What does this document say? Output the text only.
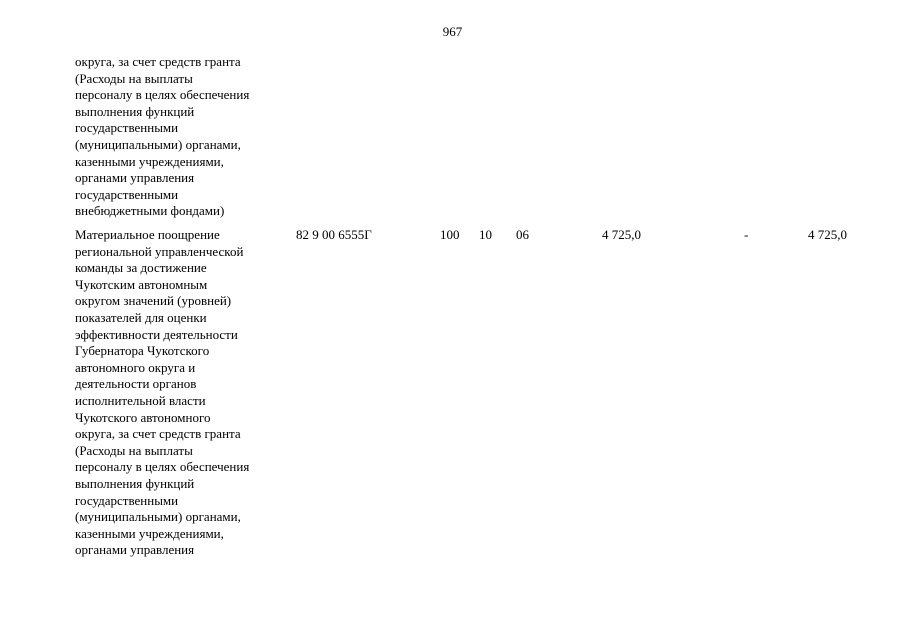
967
округа, за счет средств гранта
(Расходы на выплаты
персоналу в целях обеспечения
выполнения функций
государственными
(муниципальными) органами,
казенными учреждениями,
органами управления
государственными
внебюджетными фондами)
Материальное поощрение
региональной управленческой
команды за достижение
Чукотским автономным
округом значений (уровней)
показателей для оценки
эффективности деятельности
Губернатора Чукотского
автономного округа и
деятельности органов
исполнительной власти
Чукотского автономного
округа, за счет средств гранта
(Расходы на выплаты
персоналу в целях обеспечения
выполнения функций
государственными
(муниципальными) органами,
казенными учреждениями,
органами управления
82 9 00 6555Г	100 10 06	4 725,0	-	4 725,0
